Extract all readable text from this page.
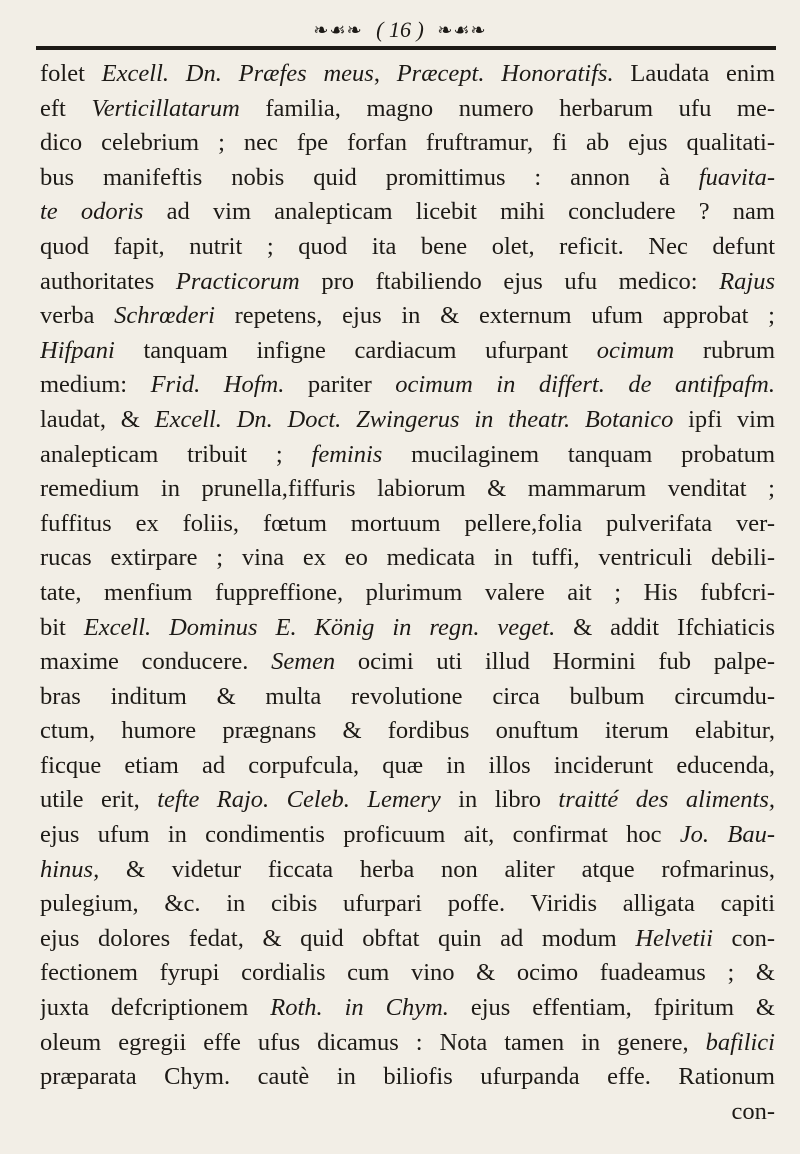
❧☙❧ ( 16 ) ❧☙❧
folet Excell. Dn. Præfes meus, Præcept. Honoratifs. Laudata enim
eft Verticillatarum familia, magno numero herbarum ufu me-
dico celebrium ; nec fpe forfan fruftramur, fi ab ejus qualitati-
bus manifeftis nobis quid promittimus : annon à fuavita-
te odoris ad vim analepticam licebit mihi concludere ? nam
quod fapit, nutrit ; quod ita bene olet, reficit. Nec defunt
authoritates Practicorum pro ftabiliendo ejus ufu medico: Rajus
verba Schrœderi repetens, ejus in & externum ufum approbat ;
Hifpani tanquam infigne cardiacum ufurpant ocimum rubrum
medium: Frid. Hofm. pariter ocimum in differt. de antifpafm.
laudat, & Excell. Dn. Doct. Zwingerus in theatr. Botanico ipfi vim
analepticam tribuit ; feminis mucilaginem tanquam probatum
remedium in prunella,fiffuris labiorum & mammarum venditat ;
fuffitus ex foliis, fœtum mortuum pellere,folia pulverifata ver-
rucas extirpare ; vina ex eo medicata in tuffi, ventriculi debili-
tate, menfium fuppreffione, plurimum valere ait ; His fubfcri-
bit Excell. Dominus E. König in regn. veget. & addit Ifchiaticis
maxime conducere. Semen ocimi uti illud Hormini fub palpe-
bras inditum & multa revolutione circa bulbum circumdu-
ctum, humore prægnans & fordibus onuftum iterum elabitur,
ficque etiam ad corpufcula, quæ in illos inciderunt educenda,
utile erit, tefte Rajo. Celeb. Lemery in libro traitté des aliments,
ejus ufum in condimentis proficuum ait, confirmat hoc Jo. Bau-
hinus, & videtur ficcata herba non aliter atque rofmarinus,
pulegium, &c. in cibis ufurpari poffe. Viridis alligata capiti
ejus dolores fedat, & quid obftat quin ad modum Helvetii con-
fectionem fyrupi cordialis cum vino & ocimo fuadeamus ; &
juxta defcriptionem Roth. in Chym. ejus effentiam, fpiritum &
oleum egregii effe ufus dicamus : Nota tamen in genere, bafilici
præparata Chym. cautè in biliofis ufurpanda effe. Rationum
con-
